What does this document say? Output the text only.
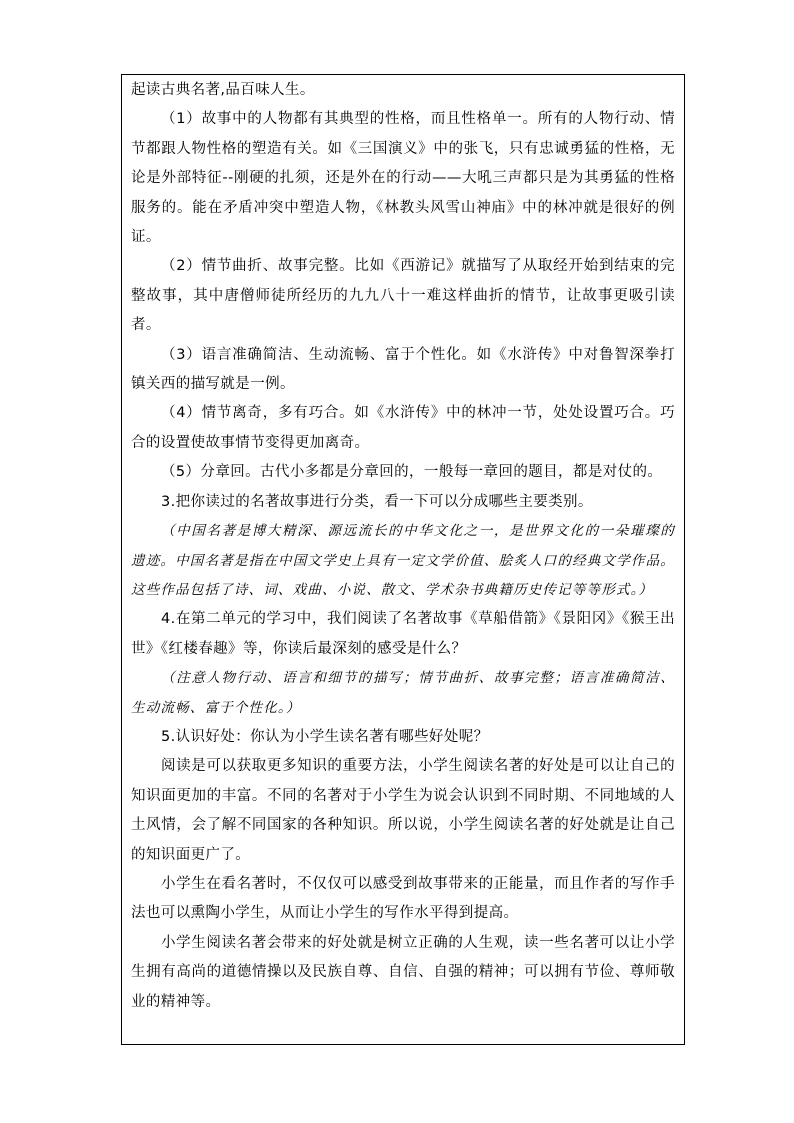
起读古典名著,品百味人生。

（1）故事中的人物都有其典型的性格，而且性格单一。所有的人物行动、情节都跟人物性格的塑造有关。如《三国演义》中的张飞，只有忠诚勇猛的性格，无论是外部特征--刚硬的扎须，还是外在的行动——大吼三声都只是为其勇猛的性格服务的。能在矛盾冲突中塑造人物，《林教头风雪山神庙》中的林冲就是很好的例证。

（2）情节曲折、故事完整。比如《西游记》就描写了从取经开始到结束的完整故事，其中唐僧师徒所经历的九九八十一难这样曲折的情节，让故事更吸引读者。

（3）语言准确简洁、生动流畅、富于个性化。如《水浒传》中对鲁智深拳打镇关西的描写就是一例。

（4）情节离奇，多有巧合。如《水浒传》中的林冲一节，处处设置巧合。巧合的设置使故事情节变得更加离奇。

（5）分章回。古代小多都是分章回的，一般每一章回的题目，都是对仗的。

3.把你读过的名著故事进行分类，看一下可以分成哪些主要类别。

（中国名著是博大精深、源远流长的中华文化之一，是世界文化的一朵璀璨的遗迹。中国名著是指在中国文学史上具有一定文学价值、脍炙人口的经典文学作品。这些作品包括了诗、词、戏曲、小说、散文、学术杂书典籍历史传记等等形式。）

4.在第二单元的学习中，我们阅读了名著故事《草船借箭》《景阳冈》《猴王出世》《红楼春趣》等，你读后最深刻的感受是什么？

（注意人物行动、语言和细节的描写；情节曲折、故事完整；语言准确简洁、生动流畅、富于个性化。）

5.认识好处：你认为小学生读名著有哪些好处呢？

阅读是可以获取更多知识的重要方法，小学生阅读名著的好处是可以让自己的知识面更加的丰富。不同的名著对于小学生为说会认识到不同时期、不同地域的人土风情，会了解不同国家的各种知识。所以说，小学生阅读名著的好处就是让自己的知识面更广了。

小学生在看名著时，不仅仅可以感受到故事带来的正能量，而且作者的写作手法也可以熏陶小学生，从而让小学生的写作水平得到提高。

小学生阅读名著会带来的好处就是树立正确的人生观，读一些名著可以让小学生拥有高尚的道德情操以及民族自尊、自信、自强的精神；可以拥有节俭、尊师敬业的精神等。
